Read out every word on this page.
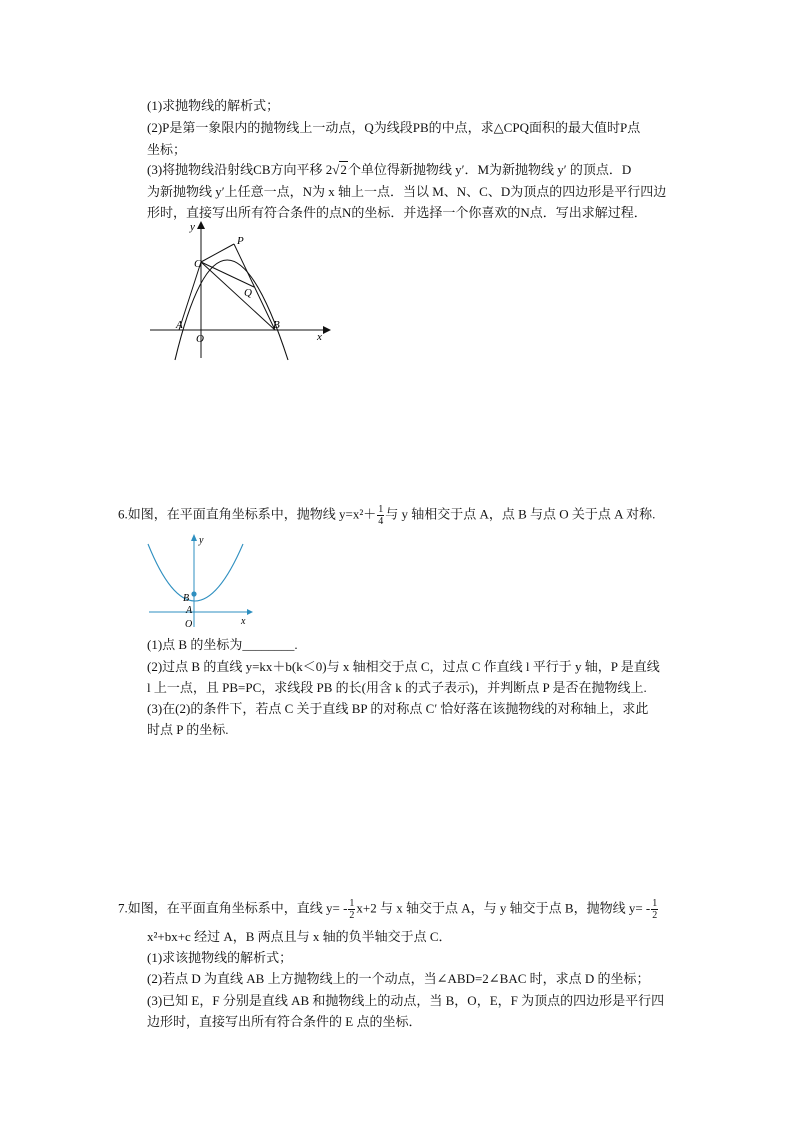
(1)求抛物线的解析式；
(2)P是第一象限内的抛物线上一动点，Q为线段PB的中点，求△CPQ面积的最大值时P点
坐标；
(3)将抛物线沿射线CB方向平移 2√2个单位得新抛物线 y′．M为新抛物线 y′ 的顶点．D
为新抛物线 y′上任意一点，N为 x 轴上一点．当以 M、N、C、D为顶点的四边形是平行四边
形时，直接写出所有符合条件的点N的坐标．并选择一个你喜欢的N点．写出求解过程．
y
x
P
C
Q
A
O
B
6.如图，在平面直角坐标系中，抛物线 $y=x^2+ \frac{1}{4}$ 与 y 轴相交于点 A，点 B 与点 O 关于点 A 对称.
y
x
B
A
O
(1)点 B 的坐标为________.
(2)过点 B 的直线 y=kx＋b(k＜0)与 x 轴相交于点 C，过点 C 作直线 l 平行于 y 轴，P 是直线
l 上一点，且 PB=PC，求线段 PB 的长(用含 k 的式子表示)，并判断点 P 是否在抛物线上.
(3)在(2)的条件下，若点 C 关于直线 BP 的对称点 C′ 恰好落在该抛物线的对称轴上，求此
时点 P 的坐标.
7.如图，在平面直角坐标系中，直线 $y= - \frac{1}{2} x+2$ 与 x 轴交于点 A，与 y 轴交于点 B，抛物线 $y= - \frac{1}{2}$
x²+bx+c 经过 A，B 两点且与 x 轴的负半轴交于点 C．
(1)求该抛物线的解析式；
(2)若点 D 为直线 AB 上方抛物线上的一个动点，当∠ABD=2∠BAC 时，求点 D 的坐标；
(3)已知 E，F 分别是直线 AB 和抛物线上的动点，当 B，O，E，F 为顶点的四边形是平行四
边形时，直接写出所有符合条件的 E 点的坐标．
